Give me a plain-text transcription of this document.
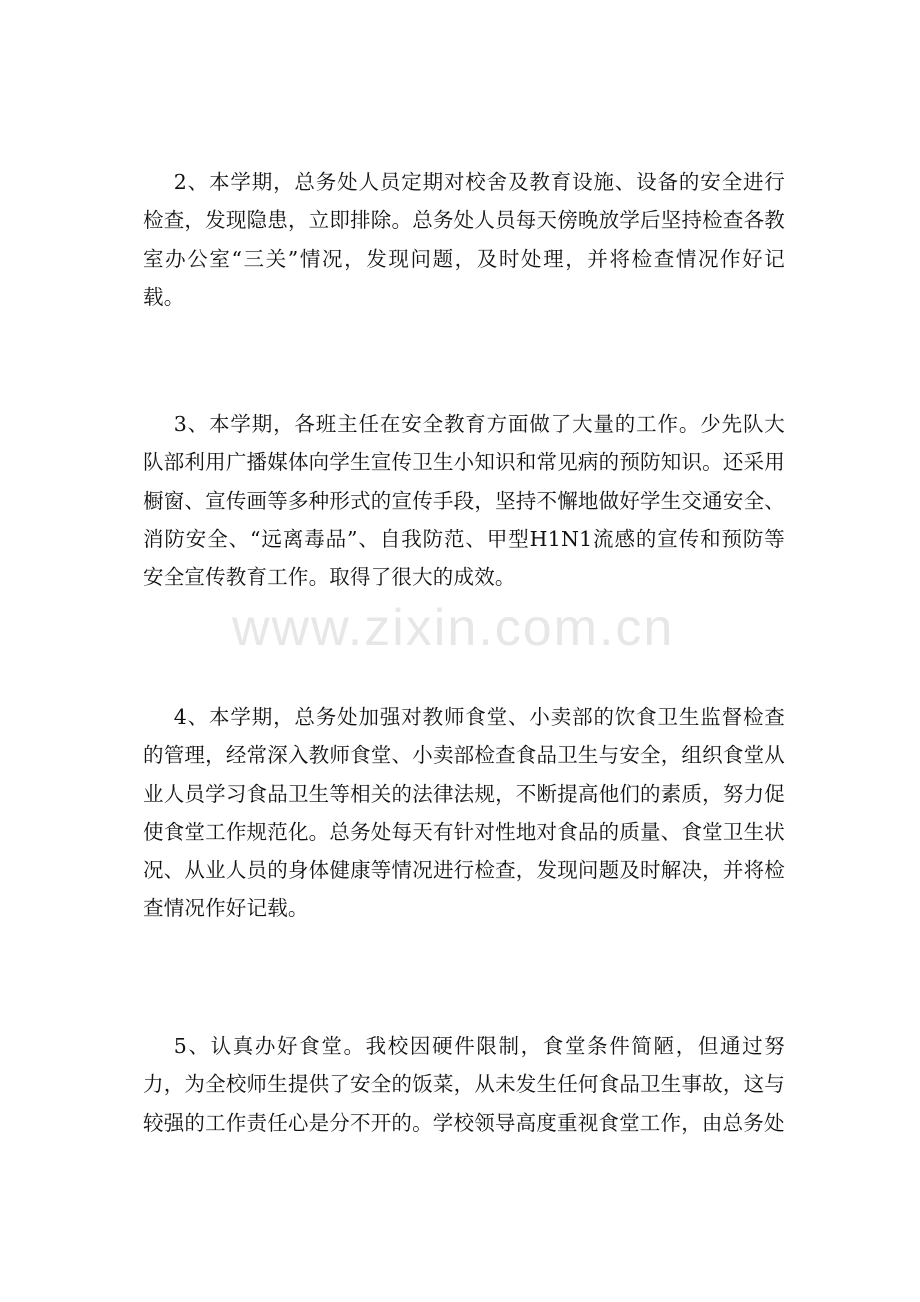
2、本学期，总务处人员定期对校舍及教育设施、设备的安全进行检查，发现隐患，立即排除。总务处人员每天傍晚放学后坚持检查各教室办公室“三关”情况，发现问题，及时处理，并将检查情况作好记载。

3、本学期，各班主任在安全教育方面做了大量的工作。少先队大队部利用广播媒体向学生宣传卫生小知识和常见病的预防知识。还采用橱窗、宣传画等多种形式的宣传手段，坚持不懈地做好学生交通安全、消防安全、“远离毒品”、自我防范、甲型H1N1流感的宣传和预防等安全宣传教育工作。取得了很大的成效。

4、本学期，总务处加强对教师食堂、小卖部的饮食卫生监督检查的管理，经常深入教师食堂、小卖部检查食品卫生与安全，组织食堂从业人员学习食品卫生等相关的法律法规，不断提高他们的素质，努力促使食堂工作规范化。总务处每天有针对性地对食品的质量、食堂卫生状况、从业人员的身体健康等情况进行检查，发现问题及时解决，并将检查情况作好记载。

5、认真办好食堂。我校因硬件限制，食堂条件简陋，但通过努力，为全校师生提供了安全的饭菜，从未发生任何食品卫生事故，这与较强的工作责任心是分不开的。学校领导高度重视食堂工作，由总务处

www.zixin.com.cn
